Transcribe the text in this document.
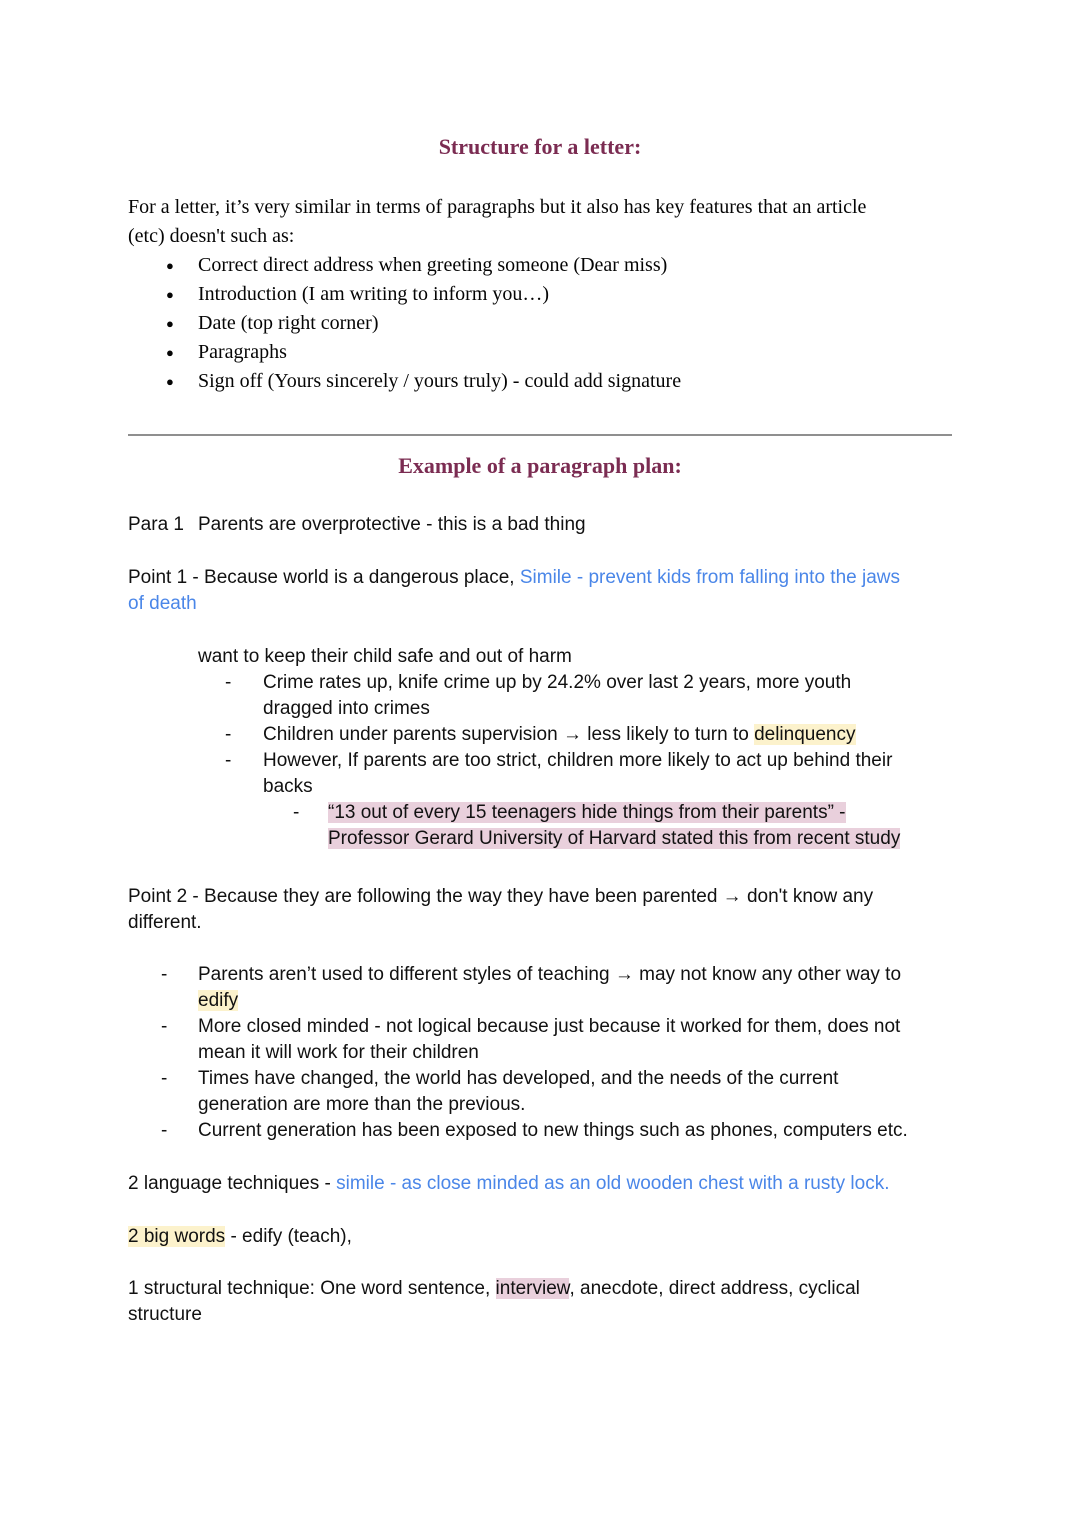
Structure for a letter:

For a letter, it’s very similar in terms of paragraphs but it also has key features that an article
(etc) doesn't such as:

●	Correct direct address when greeting someone (Dear miss)
●	Introduction (I am writing to inform you…)
●	Date (top right corner)
●	Paragraphs
●	Sign off (Yours sincerely / yours truly) - could add signature
Example of a paragraph plan:

Para 1 Parents are overprotective - this is a bad thing

Point 1 - Because world is a dangerous place, Simile - prevent kids from falling into the jaws
of death

want to keep their child safe and out of harm

-	Crime rates up, knife crime up by 24.2% over last 2 years, more youth
dragged into crimes
-	Children under parents supervision → less likely to turn to delinquency
-	However, If parents are too strict, children more likely to act up behind their
backs
-	“13 out of every 15 teenagers hide things from their parents” -
Professor Gerard University of Harvard stated this from recent study

Point 2 - Because they are following the way they have been parented → don't know any
different.

-	Parents aren’t used to different styles of teaching → may not know any other way to
edify
-	More closed minded - not logical because just because it worked for them, does not
mean it will work for their children
-	Times have changed, the world has developed, and the needs of the current
generation are more than the previous.
-	Current generation has been exposed to new things such as phones, computers etc.

2 language techniques - simile - as close minded as an old wooden chest with a rusty lock.

2 big words - edify (teach),

1 structural technique: One word sentence, interview, anecdote, direct address, cyclical
structure
